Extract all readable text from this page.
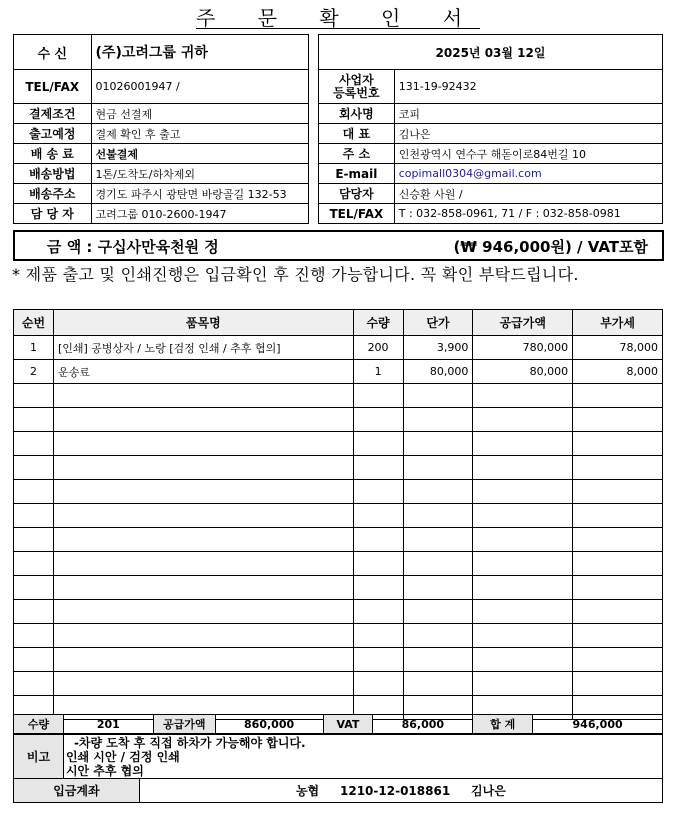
주 문 확 인 서
수 신	(주)고려그룹 귀하
TEL/FAX	01026001947 /
결제조건	현금 선결제
출고예정	결제 확인 후 출고
배 송 료	선불결제
배송방법	1톤/도착도/하차제외
배송주소	경기도 파주시 광탄면 바랑골길 132-53
담 당 자	고려그룹 010-2600-1947
2025년 03월 12일	
사업자
등록번호	131-19-92432
회사명	코피
대 표	김나은
주 소	인천광역시 연수구 해돋이로84번길 10
E-mail	copimall0304@gmail.com
담당자	신승환 사원 /
TEL/FAX	T : 032-858-0961, 71 / F : 032-858-0981
금 액 : 구십사만육천원 정	(₩ 946,000원) / VAT포함
* 제품 출고 및 인쇄진행은 입금확인 후 진행 가능합니다. 꼭 확인 부탁드립니다.
순번	품목명	수량	단가	공급가액	부가세
1	[인쇄] 공병상자 / 노랑 [검정 인쇄 / 추후 협의]	200	3,900	780,000	78,000
2	운송료	1	80,000	80,000	8,000

수량	201	공급가액	860,000	VAT	86,000	합 계	946,000
비고	
-차량 도착 후 직접 하차가 가능해야 합니다.
인쇄 시안 / 검정 인쇄
시안 추후 협의
입금계좌	농협     1210-12-018861     김나은
